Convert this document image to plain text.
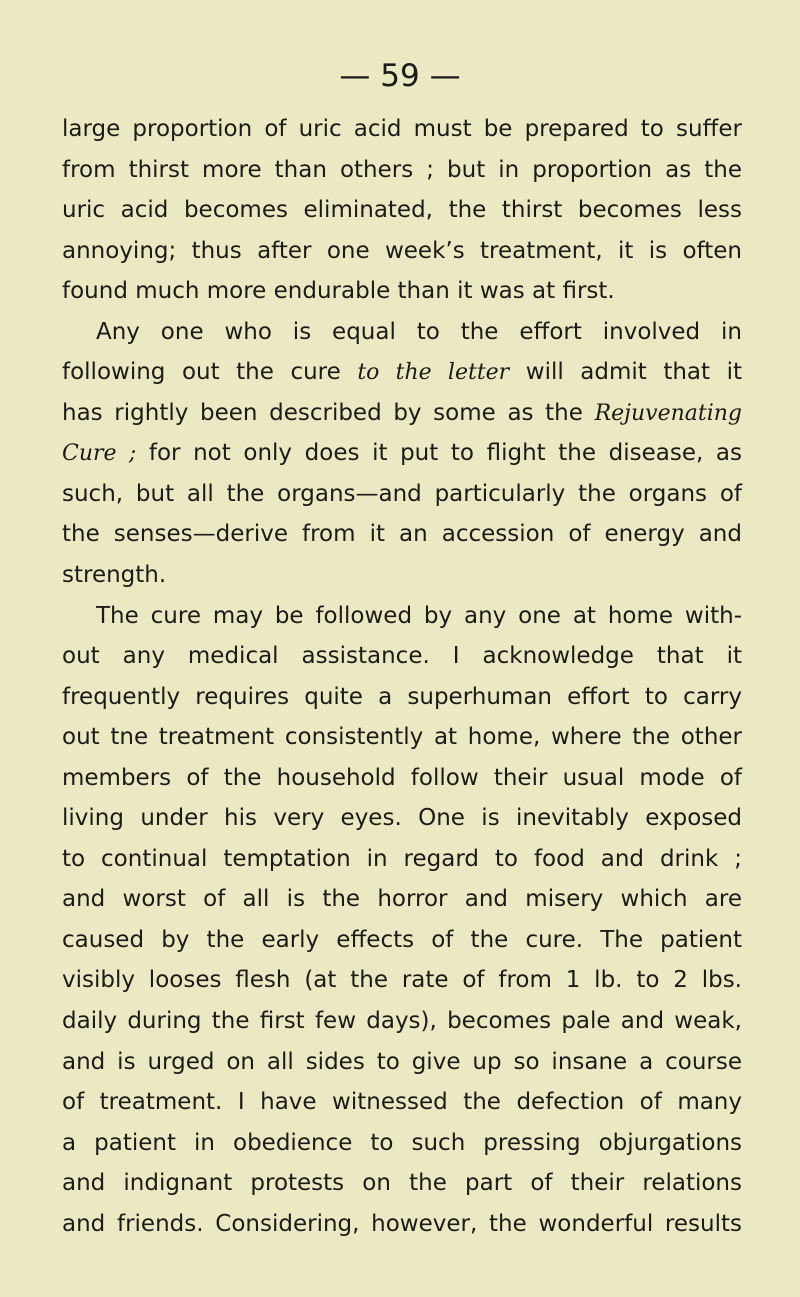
— 59 —
large proportion of uric acid must be prepared to suffer
from thirst more than others ; but in proportion as the
uric acid becomes eliminated, the thirst becomes less
annoying; thus after one week’s treatment, it is often
found much more endurable than it was at first.
Any one who is equal to the effort involved in
following out the cure to the letter will admit that it
has rightly been described by some as the Rejuvenating
Cure ; for not only does it put to flight the disease, as
such, but all the organs—and particularly the organs of
the senses—derive from it an accession of energy and
strength.
The cure may be followed by any one at home with-
out any medical assistance. I acknowledge that it
frequently requires quite a superhuman effort to carry
out tne treatment consistently at home, where the other
members of the household follow their usual mode of
living under his very eyes. One is inevitably exposed
to continual temptation in regard to food and drink ;
and worst of all is the horror and misery which are
caused by the early effects of the cure. The patient
visibly looses flesh (at the rate of from 1 lb. to 2 lbs.
daily during the first few days), becomes pale and weak,
and is urged on all sides to give up so insane a course
of treatment. I have witnessed the defection of many
a patient in obedience to such pressing objurgations
and indignant protests on the part of their relations
and friends. Considering, however, the wonderful results
